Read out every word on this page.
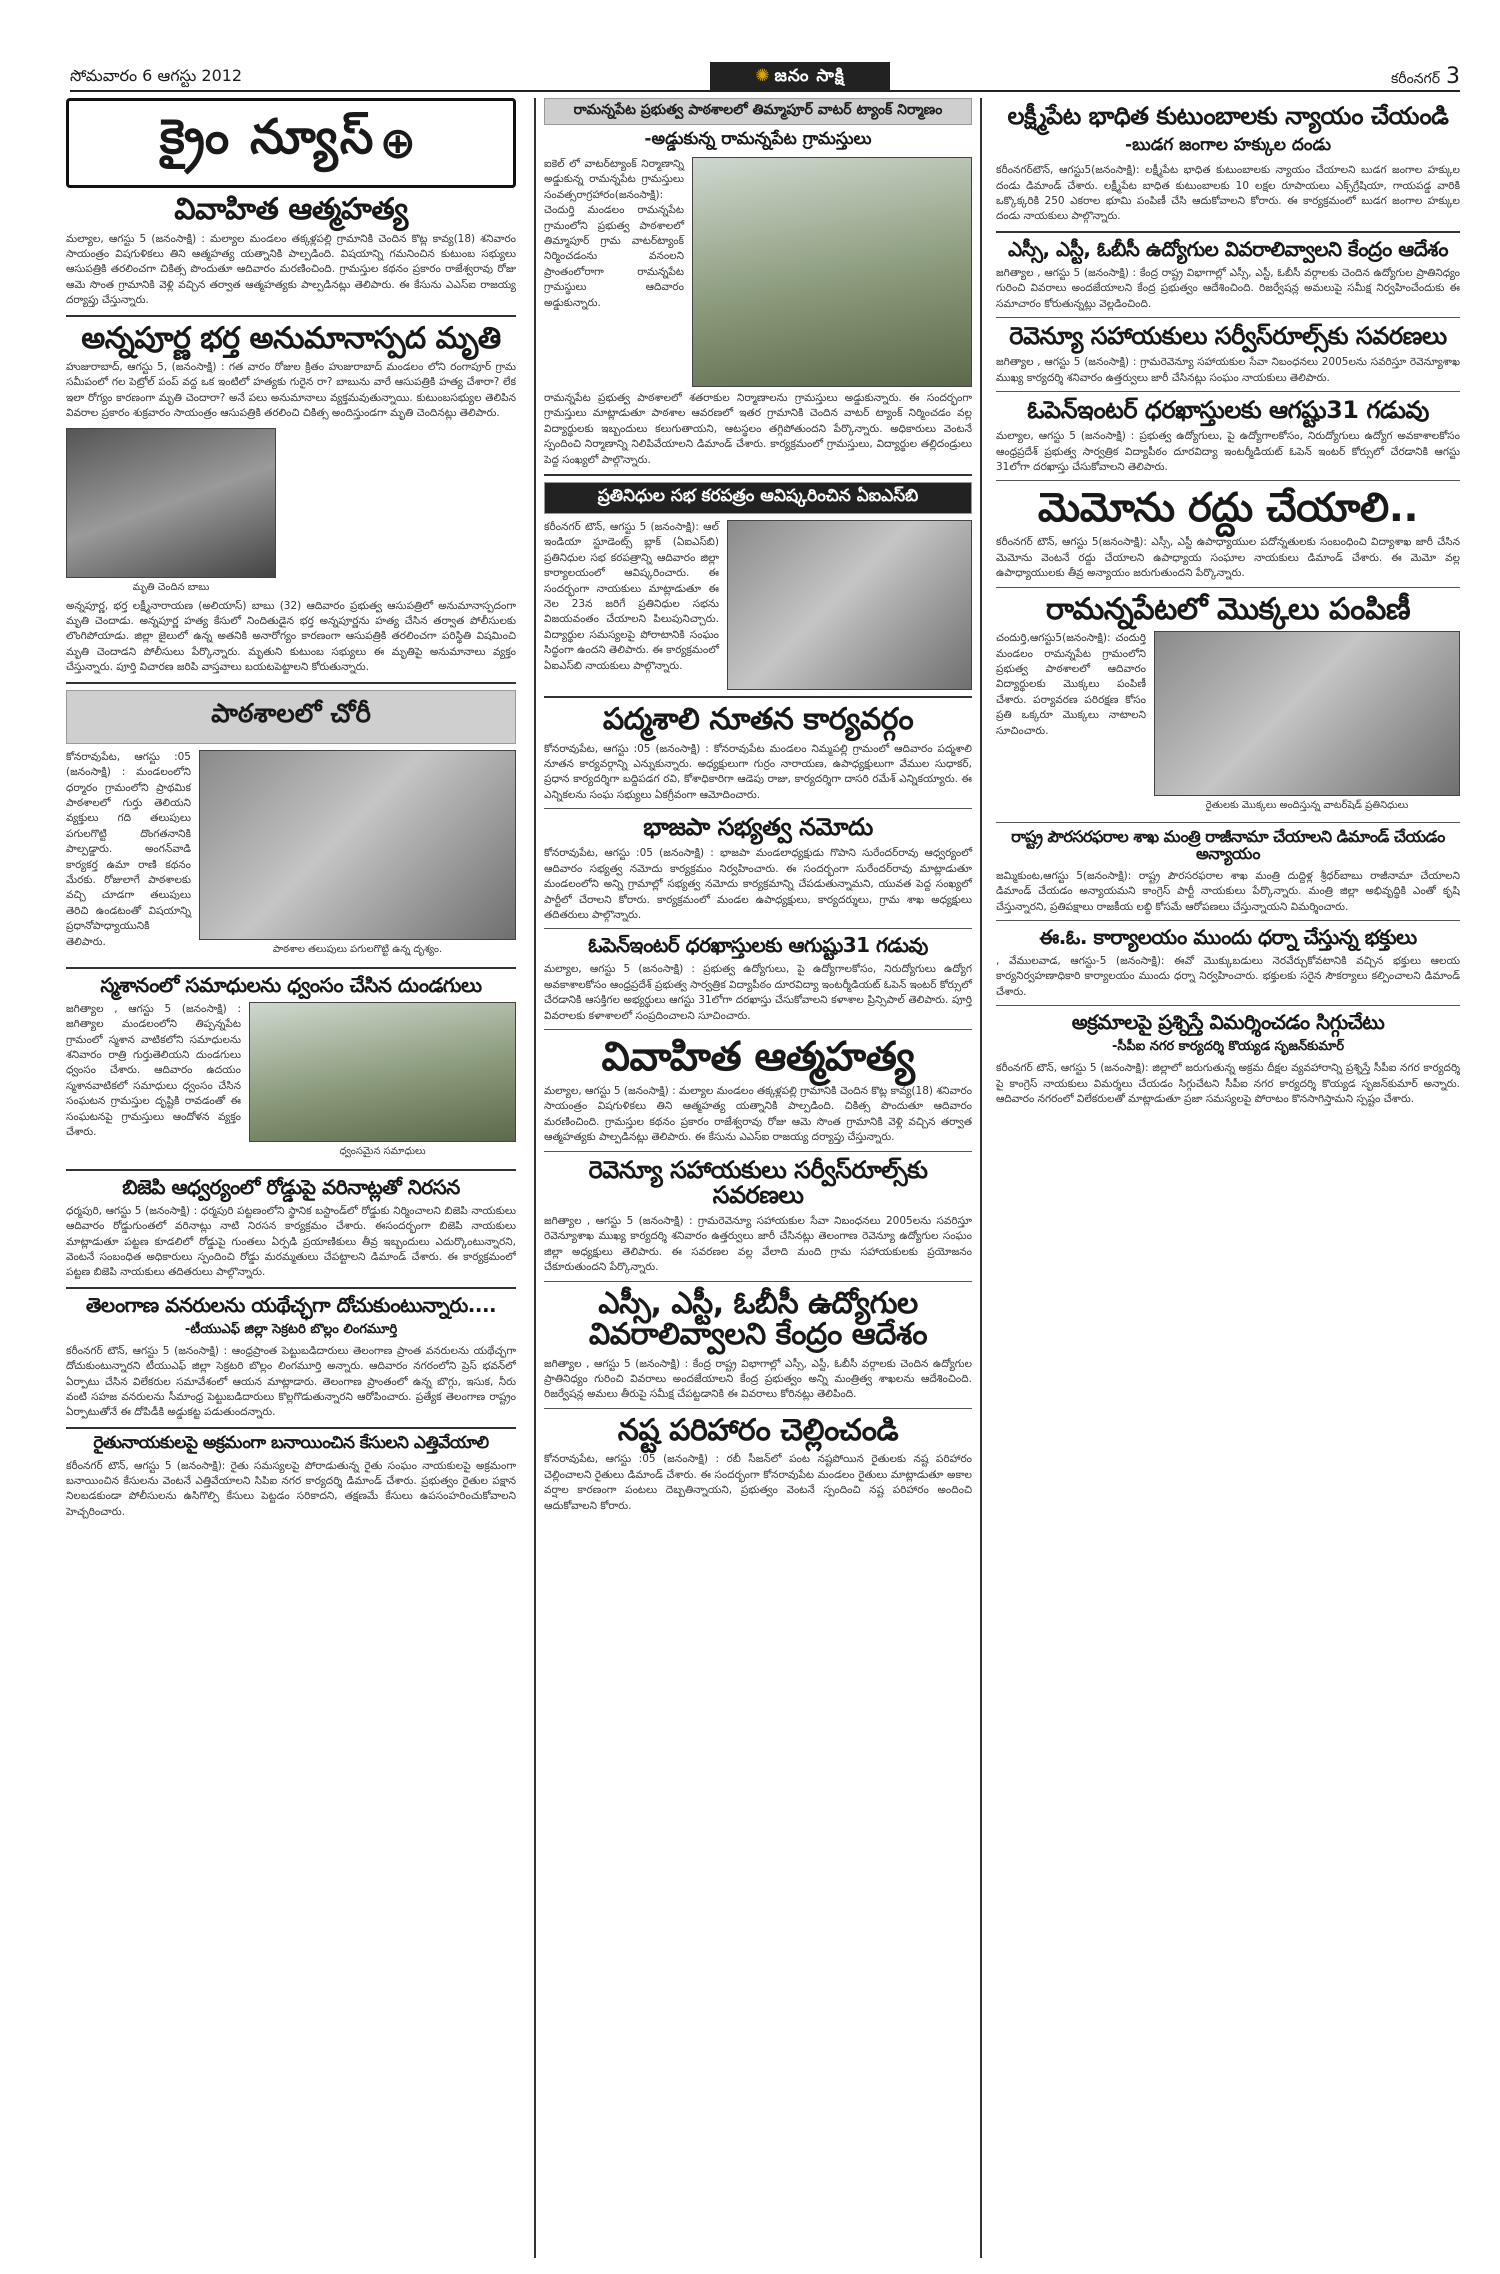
సోమవారం 6 ఆగస్టు 2012	✺ జనం సాక్షి	కరీంనగర్ 3
క్రైం న్యూస్ ⊕
వివాహిత ఆత్మహత్య
మల్యాల, ఆగస్టు 5 (జనంసాక్షి) : మల్యాల మండలం తక్కళ్లపల్లి గ్రామానికి చెందిన కొట్ల కావ్య(18) శనివారం సాయంత్రం విషగుళికలు తిని ఆత్మహత్య యత్నానికి పాల్పడింది. విషయాన్ని గమనించిన కుటుంబ సభ్యులు ఆసుపత్రికి తరలించగా చికిత్స పొందుతూ ఆదివారం మరణించింది. గ్రామస్తుల కథనం ప్రకారం రాజేశ్వరావు రోజు ఆమె సొంత గ్రామానికి వెళ్లి వచ్చిన తర్వాత ఆత్మహత్యకు పాల్పడినట్లు తెలిపారు. ఈ కేసును ఎఎస్‌ఐ రాజయ్య దర్యాప్తు చేస్తున్నారు.
అన్నపూర్ణ భర్త అనుమానాస్పద మృతి
హుజురాబాద్, ఆగస్టు 5, (జనంసాక్షి) : గత వారం రోజుల క్రితం హుజురాబాద్ మండలం లోని రంగాపూర్ గ్రామ సమీపంలో గల పెట్రోల్ పంప్ వద్ద ఒక ఇంటిలో హత్యకు గురైన రా? బాబును వారే ఆసుపత్రికి హత్య చేశారా? లేక ఇలా రోగ్యం కారణంగా మృతి చెందారా? అనే పలు అనుమానాలు వ్యక్తమవుతున్నాయి. కుటుంబసభ్యుల తెలిపిన వివరాల ప్రకారం శుక్రవారం సాయంత్రం ఆసుపత్రికి తరలించి చికిత్స అందిస్తుండగా మృతి చెందినట్లు తెలిపారు.
మృతి చెందిన బాబు
అన్నపూర్ణ, భర్త లక్ష్మీనారాయణ (అలియాస్) బాబు (32) ఆదివారం ప్రభుత్వ ఆసుపత్రిలో అనుమానాస్పదంగా మృతి చెందాడు. అన్నపూర్ణ హత్య కేసులో నిందితుడైన భర్త అన్నపూర్ణను హత్య చేసిన తర్వాత పోలీసులకు లొంగిపోయాడు. జిల్లా జైలులో ఉన్న అతనికి అనారోగ్యం కారణంగా ఆసుపత్రికి తరలించగా పరిస్థితి విషమించి మృతి చెందాడని పోలీసులు పేర్కొన్నారు. మృతుని కుటుంబ సభ్యులు ఈ మృతిపై అనుమానాలు వ్యక్తం చేస్తున్నారు. పూర్తి విచారణ జరిపి వాస్తవాలు బయటపెట్టాలని కోరుతున్నారు.
పాఠశాలలో చోరీ
కోనరావుపేట, ఆగస్టు :05 (జనంసాక్షి) : మండలంలోని ధర్మారం గ్రామంలోని ప్రాథమిక పాఠశాలలో గుర్తు తెలియని వ్యక్తులు గది తలుపులు పగులగొట్టి దొంగతనానికి పాల్పడ్డారు. అంగన్‌వాడి కార్యకర్త ఉమా రాణి కథనం మేరకు. రోజులాగే పాఠశాలకు వచ్చి చూడగా తలుపులు తెరిచి ఉండటంతో విషయాన్ని ప్రధానోపాధ్యాయునికి తెలిపారు.
పాఠశాల తలుపులు పగులగొట్టి ఉన్న దృశ్యం.
స్మశానంలో సమాధులను ధ్వంసం చేసిన దుండగులు
జగిత్యాల , ఆగస్టు 5 (జనంసాక్షి) : జగిత్యాల మండలంలోని తిప్పన్నపేట గ్రామంలో స్మశాన వాటికలోని సమాధులను శనివారం రాత్రి గుర్తుతెలియని దుండగులు ధ్వంసం చేశారు. ఆదివారం ఉదయం స్మశానవాటికలో సమాధులు ధ్వంసం చేసిన సంఘటన గ్రామస్తుల దృష్టికి రావడంతో ఈ సంఘటనపై గ్రామస్తులు ఆందోళన వ్యక్తం చేశారు.
ధ్వంసమైన సమాధులు
బిజెపి ఆధ్వర్యంలో రోడ్డుపై వరినాట్లతో నిరసన
ధర్మపురి, ఆగస్టు 5 (జనంసాక్షి) : ధర్మపురి పట్టణంలోని స్థానిక బస్టాండ్‌లో రోడ్డుకు నిర్మించాలని బిజెపి నాయకులు ఆదివారం రోడ్డుగుంతలో వరినాట్లు నాటి నిరసన కార్యక్రమం చేశారు. ఈసందర్భంగా బిజెపి నాయకులు మాట్లాడుతూ పట్టణ కూడలిలో రోడ్డుపై గుంతలు ఏర్పడి ప్రయాణికులు తీవ్ర ఇబ్బందులు ఎదుర్కొంటున్నారని, వెంటనే సంబంధిత అధికారులు స్పందించి రోడ్డు మరమ్మతులు చేపట్టాలని డిమాండ్ చేశారు. ఈ కార్యక్రమంలో పట్టణ బిజెపి నాయకులు తదితరులు పాల్గొన్నారు.
తెలంగాణ వనరులను యథేచ్ఛగా దోచుకుంటున్నారు....
-టీయుఎఫ్ జిల్లా సెక్రటరి బొల్లం లింగమూర్తి
కరీంనగర్ టౌన్, ఆగస్టు 5 (జనంసాక్షి) : ఆంధ్రప్రాంత పెట్టుబడిదారులు తెలంగాణ ప్రాంత వనరులను యథేచ్ఛగా దోచుకుంటున్నారని టీయుఎఫ్ జిల్లా సెక్రటరి బొల్లం లింగమూర్తి అన్నారు. ఆదివారం నగరంలోని ప్రెస్ భవన్‌లో ఏర్పాటు చేసిన విలేకరుల సమావేశంలో ఆయన మాట్లాడారు. తెలంగాణ ప్రాంతంలో ఉన్న బొగ్గు, ఇసుక, నీరు వంటి సహజ వనరులను సీమాంధ్ర పెట్టుబడిదారులు కొల్లగొడుతున్నారని ఆరోపించారు. ప్రత్యేక తెలంగాణ రాష్ట్రం ఏర్పాటుతోనే ఈ దోపిడీకి అడ్డుకట్ట పడుతుందన్నారు.
రైతునాయకులపై అక్రమంగా బనాయించిన కేసులని ఎత్తివేయాలి
కరీంనగర్ టౌన్, ఆగస్టు 5 (జనంసాక్షి): రైతు సమస్యలపై పోరాడుతున్న రైతు సంఘం నాయకులపై అక్రమంగా బనాయించిన కేసులను వెంటనే ఎత్తివేయాలని సిపిఐ నగర కార్యదర్శి డిమాండ్ చేశారు. ప్రభుత్వం రైతుల పక్షాన నిలబడకుండా పోలీసులను ఉసిగొల్పి కేసులు పెట్టడం సరికాదని, తక్షణమే కేసులు ఉపసంహరించుకోవాలని హెచ్చరించారు.
రామన్నపేట ప్రభుత్వ పాఠశాలలో తిమ్మాపూర్ వాటర్ ట్యాంక్ నిర్మాణం
-అడ్డుకున్న రామన్నపేట గ్రామస్తులు
ఐకెల్ లో వాటర్‌ట్యాంక్ నిర్మాణాన్ని అడ్డుకున్న రామన్నపేట గ్రామస్తులు సంవత్సరాగ్రహారం(జనంసాక్షి): చెందుర్తి మండలం రామన్నపేట గ్రామంలోని ప్రభుత్వ పాఠశాలలో తిమ్మాపూర్ గ్రామ వాటర్‌ట్యాంక్ నిర్మించడంను వనంలని ప్రాంతంలోరాగా రామన్నపేట గ్రామస్థులు ఆదివారం అడ్డుకున్నారు.
రామన్నపేట ప్రభుత్వ పాఠశాలలో శతరాకుల నిర్మాణాలను గ్రామస్తులు అడ్డుకున్నారు. ఈ సందర్భంగా గ్రామస్తులు మాట్లాడుతూ పాఠశాల ఆవరణలో ఇతర గ్రామానికి చెందిన వాటర్ ట్యాంక్ నిర్మించడం వల్ల విద్యార్థులకు ఇబ్బందులు కలుగుతాయని, ఆటస్థలం తగ్గిపోతుందని పేర్కొన్నారు. అధికారులు వెంటనే స్పందించి నిర్మాణాన్ని నిలిపివేయాలని డిమాండ్ చేశారు. కార్యక్రమంలో గ్రామస్తులు, విద్యార్థుల తల్లిదండ్రులు పెద్ద సంఖ్యలో పాల్గొన్నారు.
ప్రతినిధుల సభ కరపత్రం ఆవిష్కరించిన ఏఐఎస్‌బి
కరీంనగర్ టౌన్, ఆగస్టు 5 (జనంసాక్షి): ఆల్ ఇండియా స్టూడెంట్స్ బ్లాక్ (ఏఐఎస్‌బి) ప్రతినిధుల సభ కరపత్రాన్ని ఆదివారం జిల్లా కార్యాలయంలో ఆవిష్కరించారు. ఈ సందర్భంగా నాయకులు మాట్లాడుతూ ఈ నెల 23న జరిగే ప్రతినిధుల సభను విజయవంతం చేయాలని పిలుపునిచ్చారు. విద్యార్థుల సమస్యలపై పోరాటానికి సంఘం సిద్ధంగా ఉందని తెలిపారు. ఈ కార్యక్రమంలో ఏఐఎస్‌బి నాయకులు పాల్గొన్నారు.
పద్మశాలి నూతన కార్యవర్గం
కోనరావుపేట, ఆగస్టు :05 (జనంసాక్షి) : కోనరావుపేట మండలం నిమ్మపల్లి గ్రామంలో ఆదివారం పద్మశాలి నూతన కార్యవర్గాన్ని ఎన్నుకున్నారు. అధ్యక్షులుగా గుర్రం నారాయణ, ఉపాధ్యక్షులుగా వేముల సుధాకర్, ప్రధాన కార్యదర్శిగా బద్దిపడగ రవి, కోశాధికారిగా ఆడెపు రాజు, కార్యదర్శిగా దాసరి రమేశ్ ఎన్నికయ్యారు. ఈ ఎన్నికలను సంఘ సభ్యులు ఏకగ్రీవంగా ఆమోదించారు.
భాజపా సభ్యత్వ నమోదు
కోనరావుపేట, ఆగస్టు :05 (జనంసాక్షి) : భాజపా మండలాధ్యక్షుడు గొపాని సురేందర్‌రావు ఆధ్వర్యంలో ఆదివారం సభ్యత్వ నమోదు కార్యక్రమం నిర్వహించారు. ఈ సందర్భంగా సురేందర్‌రావు మాట్లాడుతూ మండలంలోని అన్ని గ్రామాల్లో సభ్యత్వ నమోదు కార్యక్రమాన్ని చేపడుతున్నామని, యువత పెద్ద సంఖ్యలో పార్టీలో చేరాలని కోరారు. కార్యక్రమంలో మండల ఉపాధ్యక్షులు, కార్యదర్శులు, గ్రామ శాఖ అధ్యక్షులు తదితరులు పాల్గొన్నారు.
ఓపెన్ఇంటర్ ధరఖాస్తులకు ఆగుష్టు31 గడువు
మల్యాల, ఆగస్టు 5 (జనంసాక్షి) : ప్రభుత్వ ఉద్యోగులు, పై ఉద్యోగాలకోసం, నిరుద్యోగులు ఉద్యోగ అవకాశాలకోసం ఆంధ్రప్రదేశ్ ప్రభుత్వ సార్వత్రిక విద్యాపీఠం దూరవిద్యా ఇంటర్మీడియట్ ఓపెన్ ఇంటర్ కోర్సులో చేరడానికి ఆసక్తిగల అభ్యర్థులు ఆగస్టు 31లోగా దరఖాస్తు చేసుకోవాలని కళాశాల ప్రిన్సిపాల్ తెలిపారు. పూర్తి వివరాలకు కళాశాలలో సంప్రదించాలని సూచించారు.
వివాహిత ఆత్మహత్య
మల్యాల, ఆగస్టు 5 (జనంసాక్షి) : మల్యాల మండలం తక్కళ్లపల్లి గ్రామానికి చెందిన కొట్ల కావ్య(18) శనివారం సాయంత్రం విషగుళికలు తిని ఆత్మహత్య యత్నానికి పాల్పడింది. చికిత్స పొందుతూ ఆదివారం మరణించింది. గ్రామస్తుల కథనం ప్రకారం రాజేశ్వరావు రోజు ఆమె సొంత గ్రామానికి వెళ్లి వచ్చిన తర్వాత ఆత్మహత్యకు పాల్పడినట్లు తెలిపారు. ఈ కేసును ఎఎస్‌ఐ రాజయ్య దర్యాప్తు చేస్తున్నారు.
రెవెన్యూ సహాయకులు సర్వీస్‌రూల్స్‌కు సవరణలు
జగిత్యాల , ఆగస్టు 5 (జనంసాక్షి) : గ్రామరెవెన్యూ సహాయకుల సేవా నిబంధనలు 2005లను సవరిస్తూ రెవెన్యూశాఖ ముఖ్య కార్యదర్శి శనివారం ఉత్తర్వులు జారీ చేసినట్లు తెలంగాణ రెవెన్యూ ఉద్యోగుల సంఘం జిల్లా అధ్యక్షులు తెలిపారు. ఈ సవరణల వల్ల వేలాది మంది గ్రామ సహాయకులకు ప్రయోజనం చేకూరుతుందని పేర్కొన్నారు.
ఎస్సీ, ఎస్టీ, ఓబీసీ ఉద్యోగుల వివరాలివ్వాలని కేంద్రం ఆదేశం
జగిత్యాల , ఆగస్టు 5 (జనంసాక్షి) : కేంద్ర రాష్ట్ర విభాగాల్లో ఎస్సీ, ఎస్టీ, ఓబీసీ వర్గాలకు చెందిన ఉద్యోగుల ప్రాతినిధ్యం గురించి వివరాలు అందజేయాలని కేంద్ర ప్రభుత్వం అన్ని మంత్రిత్వ శాఖలను ఆదేశించింది. రిజర్వేషన్ల అమలు తీరుపై సమీక్ష చేపట్టడానికి ఈ వివరాలు కోరినట్లు తెలిపింది.
నష్ట పరిహారం చెల్లించండి
కోనరావుపేట, ఆగస్టు :05 (జనంసాక్షి) : రబీ సీజన్‌లో పంట నష్టపోయిన రైతులకు నష్ట పరిహారం చెల్లించాలని రైతులు డిమాండ్ చేశారు. ఈ సందర్భంగా కోనరావుపేట మండలం రైతులు మాట్లాడుతూ అకాల వర్షాల కారణంగా పంటలు దెబ్బతిన్నాయని, ప్రభుత్వం వెంటనే స్పందించి నష్ట పరిహారం అందించి ఆదుకోవాలని కోరారు.
లక్ష్మీపేట భాధిత కుటుంబాలకు న్యాయం చేయండి
-బుడగ జంగాల హక్కుల దండు
కరీంనగర్‌టౌన్, ఆగస్టు5(జనంసాక్షి): లక్ష్మీపేట భాధిత కుటుంబాలకు న్యాయం చేయాలని బుడగ జంగాల హక్కుల దండు డిమాండ్ చేశారు. లక్ష్మీపేట బాధిత కుటుంబాలకు 10 లక్షల రూపాయలు ఎక్స్‌గ్రేషియా, గాయపడ్డ వారికి ఒక్కొక్కరికి 250 ఎకరాల భూమి పంపిణీ చేసి ఆదుకోవాలని కోరారు. ఈ కార్యక్రమంలో బుడగ జంగాల హక్కుల దండు నాయకులు పాల్గొన్నారు.
ఎస్సీ, ఎస్టీ, ఓబీసీ ఉద్యోగుల వివరాలివ్వాలని కేంద్రం ఆదేశం
జగిత్యాల , ఆగస్టు 5 (జనంసాక్షి) : కేంద్ర రాష్ట్ర విభాగాల్లో ఎస్సీ, ఎస్టీ, ఓబీసీ వర్గాలకు చెందిన ఉద్యోగుల ప్రాతినిధ్యం గురించి వివరాలు అందజేయాలని కేంద్ర ప్రభుత్వం ఆదేశించింది. రిజర్వేషన్ల అమలుపై సమీక్ష నిర్వహించేందుకు ఈ సమాచారం కోరుతున్నట్లు వెల్లడించింది.
రెవెన్యూ సహాయకులు సర్వీస్‌రూల్స్‌కు సవరణలు
జగిత్యాల , ఆగస్టు 5 (జనంసాక్షి) : గ్రామరెవెన్యూ సహాయకుల సేవా నిబంధనలు 2005లను సవరిస్తూ రెవెన్యూశాఖ ముఖ్య కార్యదర్శి శనివారం ఉత్తర్వులు జారీ చేసినట్లు సంఘం నాయకులు తెలిపారు.
ఓపెన్ఇంటర్ ధరఖాస్తులకు ఆగష్టు31 గడువు
మల్యాల, ఆగస్టు 5 (జనంసాక్షి) : ప్రభుత్వ ఉద్యోగులు, పై ఉద్యోగాలకోసం, నిరుద్యోగులు ఉద్యోగ అవకాశాలకోసం ఆంధ్రప్రదేశ్ ప్రభుత్వ సార్వత్రిక విద్యాపీఠం దూరవిద్యా ఇంటర్మీడియట్ ఓపెన్ ఇంటర్ కోర్సులో చేరడానికి ఆగస్టు 31లోగా దరఖాస్తు చేసుకోవాలని తెలిపారు.
మెమోను రద్దు చేయాలి..
కరీంనగర్ టౌన్, ఆగస్టు 5(జనంసాక్షి): ఎస్సీ, ఎస్టీ ఉపాధ్యాయుల పదోన్నతులకు సంబంధించి విద్యాశాఖ జారీ చేసిన మెమోను వెంటనే రద్దు చేయాలని ఉపాధ్యాయ సంఘాల నాయకులు డిమాండ్ చేశారు. ఈ మెమో వల్ల ఉపాధ్యాయులకు తీవ్ర అన్యాయం జరుగుతుందని పేర్కొన్నారు.
రామన్నపేటలో మొక్కలు పంపిణీ
చందుర్తి,ఆగస్టు5(జనంసాక్షి): చందుర్తి మండలం రామన్నపేట గ్రామంలోని ప్రభుత్వ పాఠశాలలో ఆదివారం విద్యార్థులకు మొక్కలు పంపిణీ చేశారు. పర్యావరణ పరిరక్షణ కోసం ప్రతి ఒక్కరూ మొక్కలు నాటాలని సూచించారు.
రైతులకు మొక్కలు అందిస్తున్న వాటర్‌షెడ్ ప్రతినిధులు
రాష్ట్ర పౌరసరఫరాల శాఖ మంత్రి రాజీనామా చేయాలని డిమాండ్ చేయడం అన్యాయం
జమ్మికుంట,ఆగస్టు 5(జనంసాక్షి): రాష్ట్ర పౌరసరఫరాల శాఖ మంత్రి దుద్దిళ్ల శ్రీధర్‌బాబు రాజీనామా చేయాలని డిమాండ్ చేయడం అన్యాయమని కాంగ్రెస్ పార్టీ నాయకులు పేర్కొన్నారు. మంత్రి జిల్లా అభివృద్ధికి ఎంతో కృషి చేస్తున్నారని, ప్రతిపక్షాలు రాజకీయ లబ్ధి కోసమే ఆరోపణలు చేస్తున్నాయని విమర్శించారు.
ఈ.ఓ. కార్యాలయం ముందు ధర్నా చేస్తున్న భక్తులు
, వేములవాడ, ఆగస్టు-5 (జనంసాక్షి): ఈవో మొక్కుబడులు నెరవేర్చుకోవటానికి వచ్చిన భక్తులు ఆలయ కార్యనిర్వహణాధికారి కార్యాలయం ముందు ధర్నా నిర్వహించారు. భక్తులకు సరైన సౌకర్యాలు కల్పించాలని డిమాండ్ చేశారు.
అక్రమాలపై ప్రశ్నిస్తే విమర్శించడం సిగ్గుచేటు
-సీపీఐ నగర కార్యదర్శి కొయ్యడ సృజన్‌కుమార్
కరీంనగర్ టౌన్, ఆగస్టు 5 (జనంసాక్షి): జిల్లాలో జరుగుతున్న అక్రమ దీక్షల వ్యవహారాన్ని ప్రశ్నిస్తే సీపీఐ నగర కార్యదర్శి పై కాంగ్రెస్ నాయకులు విమర్శలు చేయడం సిగ్గుచేటని సీపీఐ నగర కార్యదర్శి కొయ్యడ సృజన్‌కుమార్ అన్నారు. ఆదివారం నగరంలో విలేకరులతో మాట్లాడుతూ ప్రజా సమస్యలపై పోరాటం కొనసాగిస్తామని స్పష్టం చేశారు.
